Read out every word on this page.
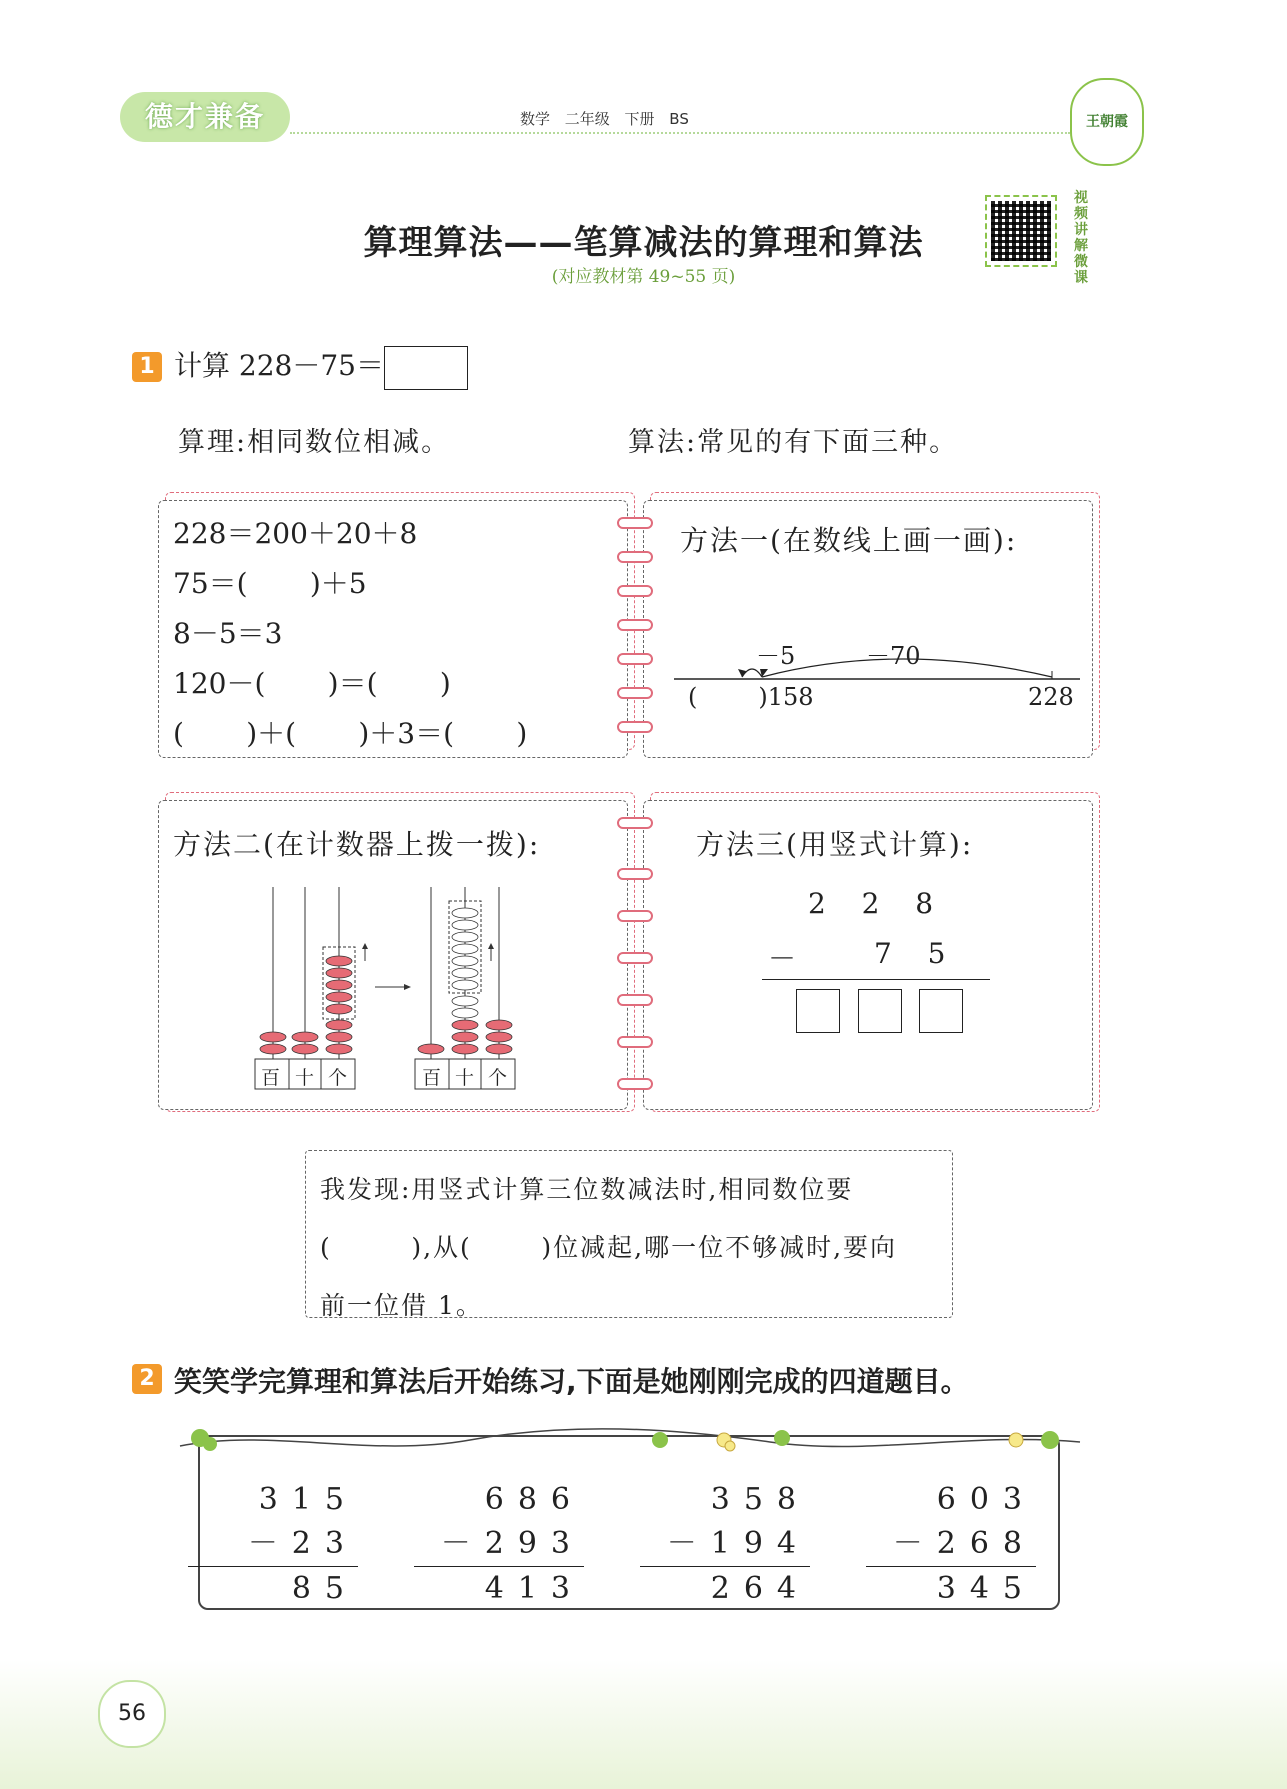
德才兼备	数学 二年级 下册 BS	王朝霞
算理算法——笔算减法的算理和算法
(对应教材第 49~55 页)
视频讲解微课
1 计算 228－75＝
算理:相同数位相减。	算法:常见的有下面三种。
228＝200＋20＋8
75＝(       )＋5
8－5＝3
120－(       )＝(       )
(       )＋(       )＋3＝(       )
方法一(在数线上画一画):
－5	－70
(        )158	228
方法二(在计数器上拨一拨):
百 十 个	百 十 个
方法三(用竖式计算):
2  2  8
－	7  5
我发现:用竖式计算三位数减法时,相同数位要
(        ),从(       )位减起,哪一位不够减时,要向
前一位借 1。
2 笑笑学完算理和算法后开始练习,下面是她刚刚完成的四道题目。
315
－23
85
686
－293
413
358
－194
264
603
－268
345
56
